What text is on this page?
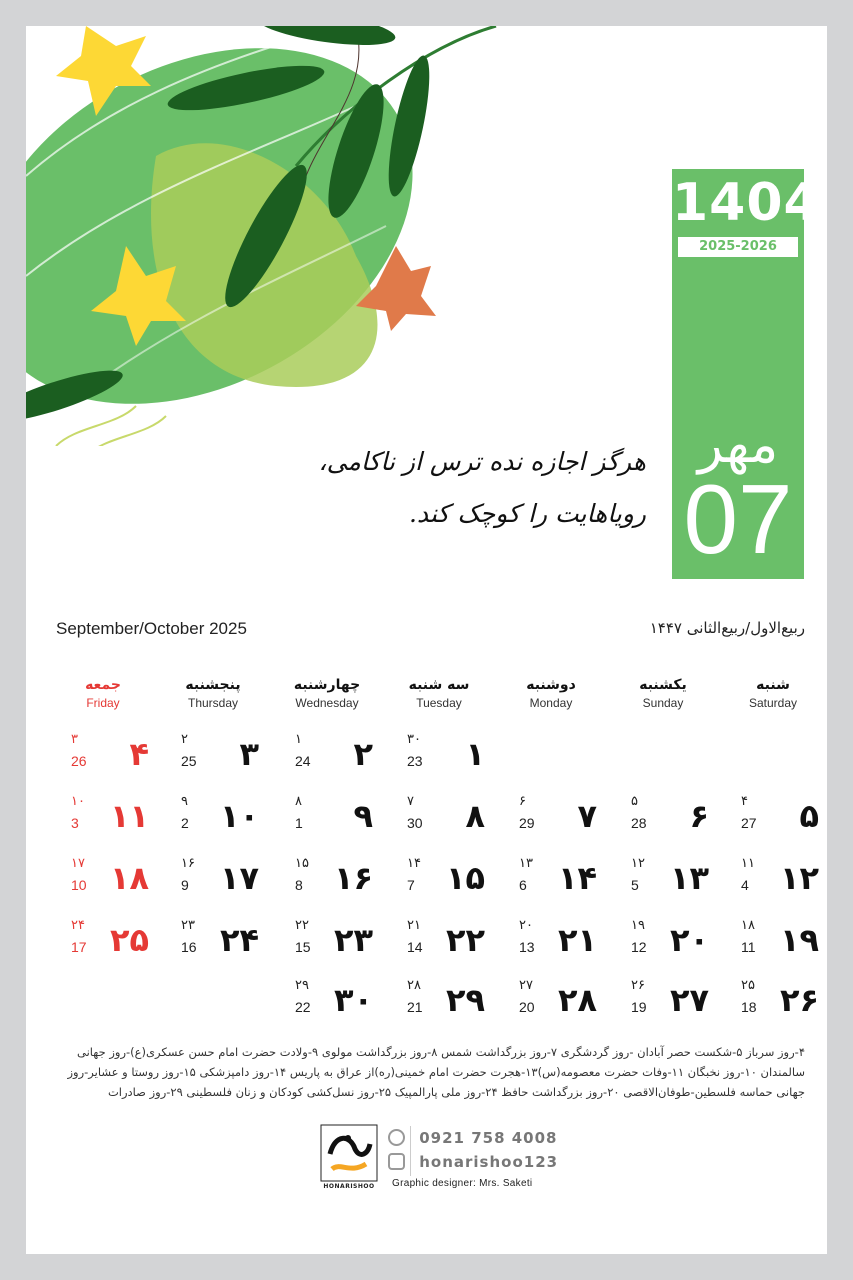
1404
2025-2026
مهر
07
هرگز اجازه نده ترس از ناکامی،
رویاهایت را کوچک کند.
September/October 2025	ربیع‌الاول/ربیع‌الثانی ۱۴۴۷
شنبه
Saturday
یکشنبه
Sunday
دوشنبه
Monday
سه شنبه
Tuesday
چهارشنبه
Wednesday
پنجشنبه
Thursday
جمعه
Friday
۱
۳۰
23
۲
۱
24
۳
۲
25
۴
۳
26
۵
۴
27
۶
۵
28
۷
۶
29
۸
۷
30
۹
۸
1
۱۰
۹
2
۱۱
۱۰
3
۱۲
۱۱
4
۱۳
۱۲
5
۱۴
۱۳
6
۱۵
۱۴
7
۱۶
۱۵
8
۱۷
۱۶
9
۱۸
۱۷
10
۱۹
۱۸
11
۲۰
۱۹
12
۲۱
۲۰
13
۲۲
۲۱
14
۲۳
۲۲
15
۲۴
۲۳
16
۲۵
۲۴
17
۲۶
۲۵
18
۲۷
۲۶
19
۲۸
۲۷
20
۲۹
۲۸
21
۳۰
۲۹
22
۴-روز سرباز ۵-شکست حصر آبادان -روز گردشگری ۷-روز بزرگداشت شمس ۸-روز بزرگداشت مولوی ۹-ولادت حضرت امام حسن عسکری(ع)-روز جهانی
سالمندان ۱۰-روز نخبگان ۱۱-وفات حضرت معصومه(س)۱۳-هجرت حضرت امام خمینی(ره)از عراق به پاریس ۱۴-روز دامپزشکی ۱۵-روز روستا و عشایر-روز
جهانی حماسه فلسطین-طوفان‌الاقصی ۲۰-روز بزرگداشت حافظ ۲۴-روز ملی پارالمپیک ۲۵-روز نسل‌کشی کودکان و زنان فلسطینی ۲۹-روز صادرات
HONARISHOO
0921 758 4008
honarishoo123
Graphic designer: Mrs. Saketi
